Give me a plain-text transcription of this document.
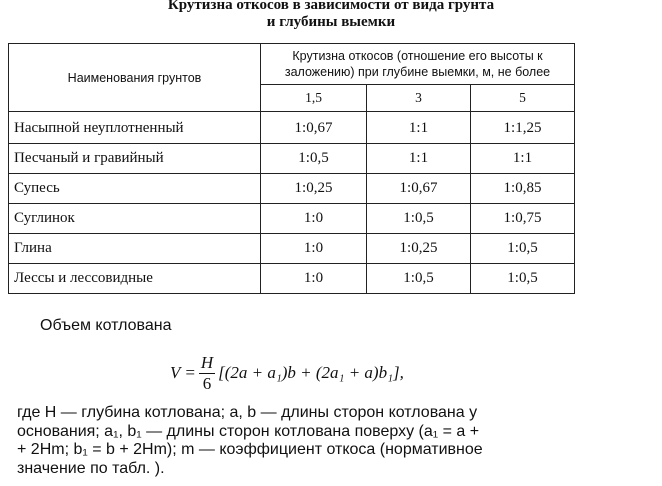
Крутизна откосов в зависимости от вида грунта
и глубины выемки
Наименования грунтов	Крутизна откосов (отношение его высоты к заложению) при глубине выемки, м, не более		
	1,5	3	5
Насыпной неуплотненный	1:0,67	1:1	1:1,25
Песчаный и гравийный	1:0,5	1:1	1:1
Супесь	1:0,25	1:0,67	1:0,85
Суглинок	1:0	1:0,5	1:0,75
Глина	1:0	1:0,25	1:0,5
Лессы и лессовидные	1:0	1:0,5	1:0,5
Объем котлована
$V = \frac{H}{6} [(2a + a_1)b + (2a_1 + a)b_1]$,

где H — глубина котлована; a, b — длины сторон котлована у
основания; a₁, b₁ — длины сторон котлована поверху (a₁ = a +
+ 2Hm; b₁ = b + 2Hm); m — коэффициент откоса (нормативное
значение по табл. ).
